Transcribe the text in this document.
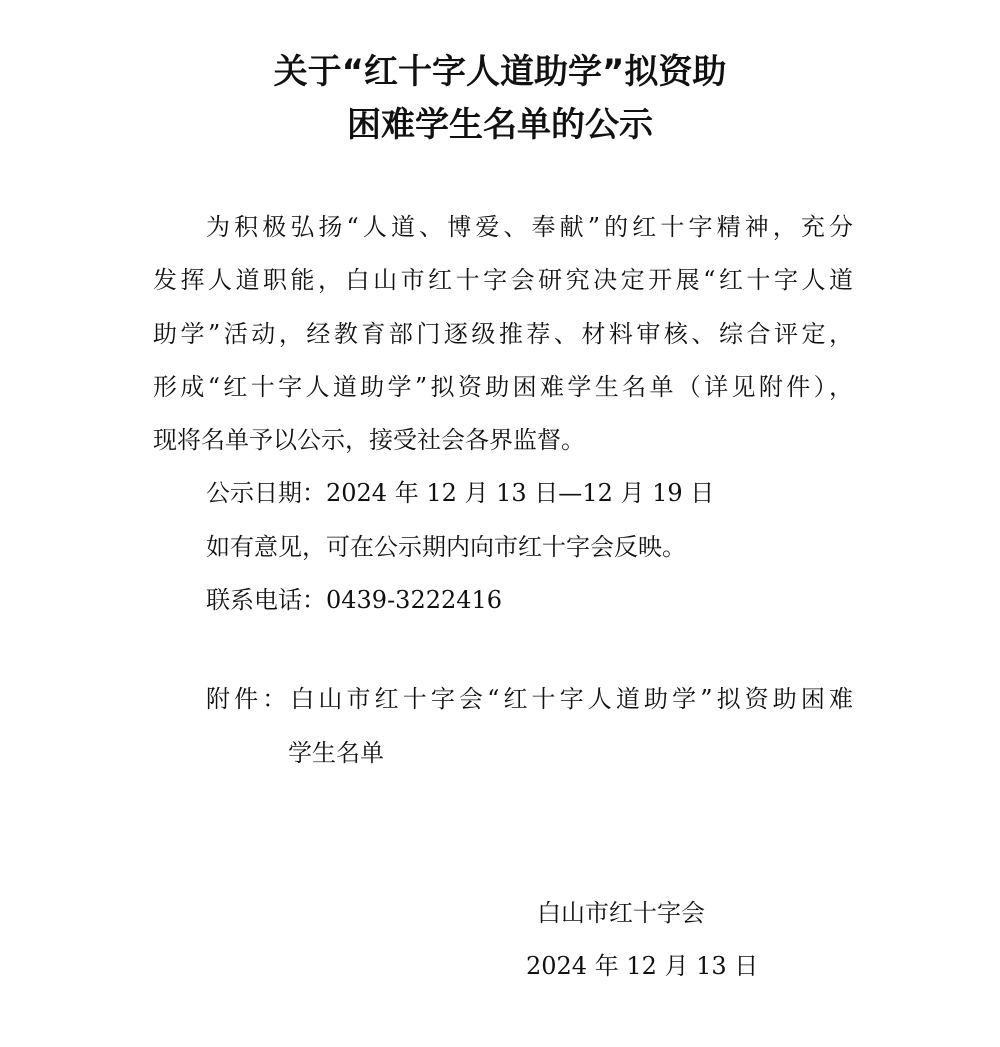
关于“红十字人道助学”拟资助
困难学生名单的公示
为积极弘扬“人道、博爱、奉献”的红十字精神，充分
发挥人道职能，白山市红十字会研究决定开展“红十字人道
助学”活动，经教育部门逐级推荐、材料审核、综合评定，
形成“红十字人道助学”拟资助困难学生名单（详见附件），
现将名单予以公示，接受社会各界监督。
公示日期：2024 年 12 月 13 日—12 月 19 日
如有意见，可在公示期内向市红十字会反映。
联系电话：0439-3222416
附件：白山市红十字会“红十字人道助学”拟资助困难
学生名单
白山市红十字会
2024 年 12 月 13 日
